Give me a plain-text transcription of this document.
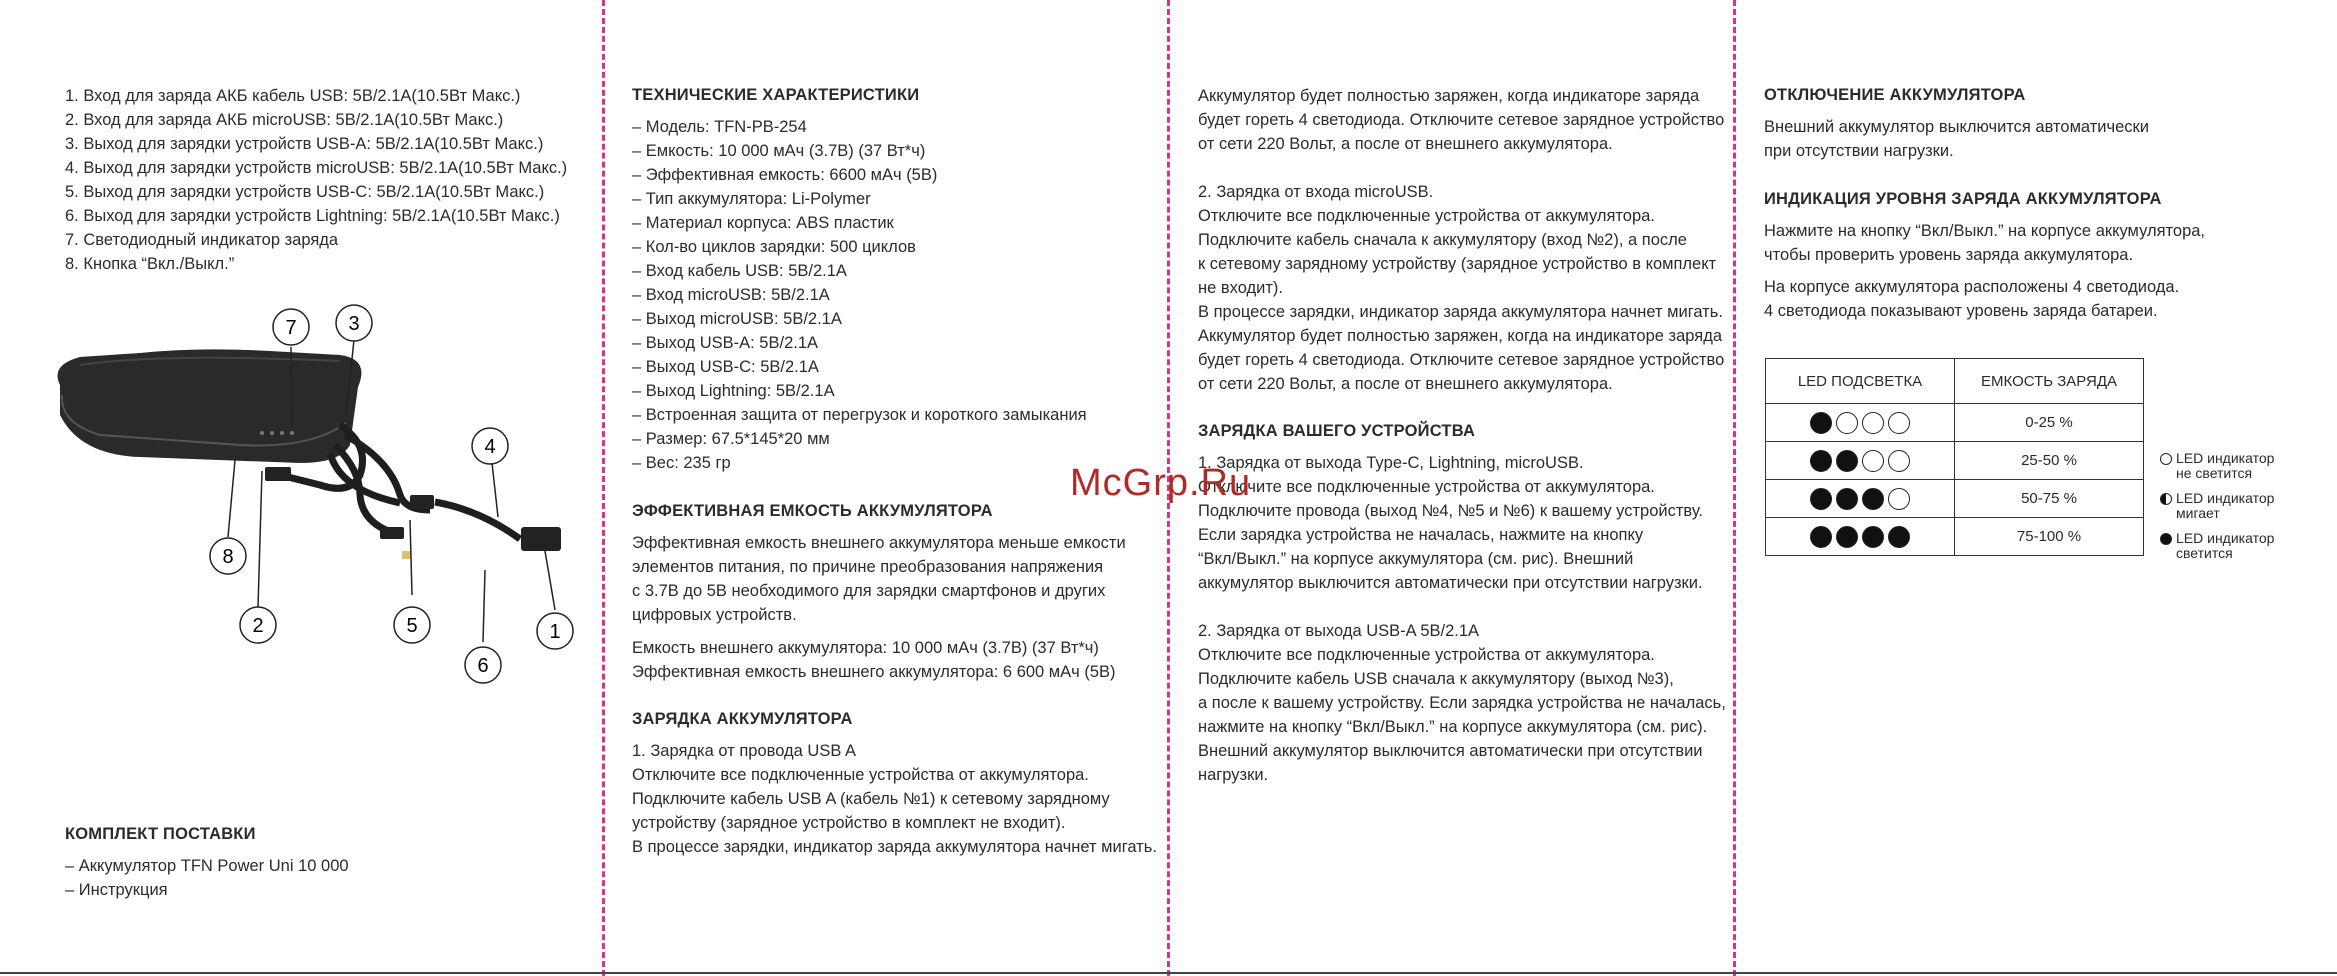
1. Вход для заряда АКБ кабель USB: 5В/2.1А(10.5Вт Макс.)
2. Вход для заряда АКБ microUSB: 5В/2.1А(10.5Вт Макс.)
3. Выход для зарядки устройств USB-A: 5В/2.1А(10.5Вт Макс.)
4. Выход для зарядки устройств microUSB: 5В/2.1А(10.5Вт Макс.)
5. Выход для зарядки устройств USB-C: 5В/2.1А(10.5Вт Макс.)
6. Выход для зарядки устройств Lightning: 5В/2.1А(10.5Вт Макс.)
7. Светодиодный индикатор заряда
8. Кнопка “Вкл./Выкл.”
7	3
4
8
2	5	1
6
КОМПЛЕКТ ПОСТАВКИ
– Аккумулятор TFN Power Uni 10 000
– Инструкция
ТЕХНИЧЕСКИЕ ХАРАКТЕРИСТИКИ
– Модель: TFN-PB-254
– Емкость: 10 000 мАч (3.7В) (37 Вт*ч)
– Эффективная емкость: 6600 мАч (5В)
– Тип аккумулятора: Li-Polymer
– Материал корпуса: ABS пластик
– Кол-во циклов зарядки: 500 циклов
– Вход кабель USB: 5В/2.1А
– Вход microUSB: 5В/2.1А
– Выход microUSB: 5В/2.1А
– Выход USB-A: 5В/2.1А
– Выход USB-C: 5В/2.1А
– Выход Lightning: 5В/2.1А
– Встроенная защита от перегрузок и короткого замыкания
– Размер: 67.5*145*20 мм
– Вес: 235 гр
ЭФФЕКТИВНАЯ ЕМКОСТЬ АККУМУЛЯТОРА
Эффективная емкость внешнего аккумулятора меньше емкости
элементов питания, по причине преобразования напряжения
с 3.7В до 5В необходимого для зарядки смартфонов и других
цифровых устройств.
Емкость внешнего аккумулятора: 10 000 мАч (3.7В) (37 Вт*ч)
Эффективная емкость внешнего аккумулятора: 6 600 мАч (5В)
ЗАРЯДКА АККУМУЛЯТОРА
1. Зарядка от провода USB A
Отключите все подключенные устройства от аккумулятора.
Подключите кабель USB A (кабель №1) к сетевому зарядному
устройству (зарядное устройство в комплект не входит).
В процессе зарядки, индикатор заряда аккумулятора начнет мигать.
Аккумулятор будет полностью заряжен, когда индикаторе заряда
будет гореть 4 светодиода. Отключите сетевое зарядное устройство
от сети 220 Вольт, а после от внешнего аккумулятора.
2. Зарядка от входа microUSB.
Отключите все подключенные устройства от аккумулятора.
Подключите кабель сначала к аккумулятору (вход №2), а после
к сетевому зарядному устройству (зарядное устройство в комплект
не входит).
В процессе зарядки, индикатор заряда аккумулятора начнет мигать.
Аккумулятор будет полностью заряжен, когда на индикаторе заряда
будет гореть 4 светодиода. Отключите сетевое зарядное устройство
от сети 220 Вольт, а после от внешнего аккумулятора.
ЗАРЯДКА ВАШЕГО УСТРОЙСТВА
1. Зарядка от выхода Type-C, Lightning, microUSB.
Отключите все подключенные устройства от аккумулятора.
Подключите провода (выход №4, №5 и №6) к вашему устройству.
Если зарядка устройства не началась, нажмите на кнопку
“Вкл/Выкл.” на корпусе аккумулятора (см. рис). Внешний
аккумулятор выключится автоматически при отсутствии нагрузки.
2. Зарядка от выхода USB-A 5В/2.1А
Отключите все подключенные устройства от аккумулятора.
Подключите кабель USB сначала к аккумулятору (выход №3),
а после к вашему устройству. Если зарядка устройства не началась,
нажмите на кнопку “Вкл/Выкл.” на корпусе аккумулятора (см. рис).
Внешний аккумулятор выключится автоматически при отсутствии
нагрузки.
McGrp.Ru
ОТКЛЮЧЕНИЕ АККУМУЛЯТОРА
Внешний аккумулятор выключится автоматически
при отсутствии нагрузки.
ИНДИКАЦИЯ УРОВНЯ ЗАРЯДА АККУМУЛЯТОРА
Нажмите на кнопку “Вкл/Выкл.” на корпусе аккумулятора,
чтобы проверить уровень заряда аккумулятора.
На корпусе аккумулятора расположены 4 светодиода.
4 светодиода показывают уровень заряда батареи.
LED ПОДСВЕТКА	ЕМКОСТЬ ЗАРЯДА

	0-25 %

	25-50 %

	50-75 %

	75-100 %
LED индикатор
не светится
LED индикатор
мигает
LED индикатор
светится
